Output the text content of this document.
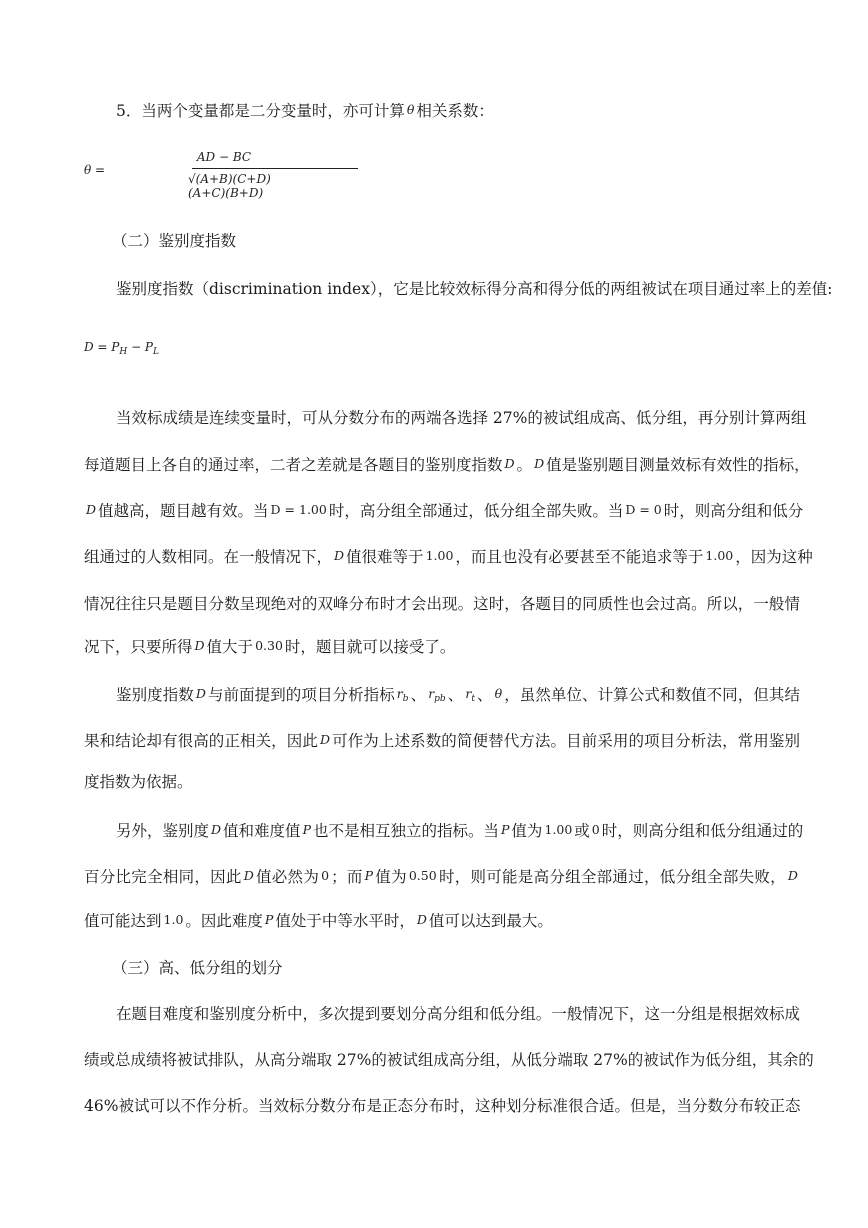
5．当两个变量都是二分变量时，亦可计算 θ 相关系数：
θ =
AD − BC
√(A+B)(C+D)(A+C)(B+D)
（二）鉴别度指数
鉴别度指数（discrimination index），它是比较效标得分高和得分低的两组被试在项目通过率上的差值:
$D = P_H - P_L$
当效标成绩是连续变量时，可从分数分布的两端各选择 27%的被试组成高、低分组，再分别计算两组
每道题目上各自的通过率，二者之差就是各题目的鉴别度指数 D 。 D 值是鉴别题目测量效标有效性的指标，
D 值越高，题目越有效。当 D = 1.00 时，高分组全部通过，低分组全部失败。当 D = 0 时，则高分组和低分
组通过的人数相同。在一般情况下， D 值很难等于 1.00 ，而且也没有必要甚至不能追求等于 1.00 ，因为这种
情况往往只是题目分数呈现绝对的双峰分布时才会出现。这时，各题目的同质性也会过高。所以，一般情
况下，只要所得 D 值大于 0.30 时，题目就可以接受了。
鉴别度指数 D 与前面提到的项目分析指标 $r_b$ 、 $r_{pb}$ 、 $r_t$ 、 θ ，虽然单位、计算公式和数值不同，但其结
果和结论却有很高的正相关，因此 D 可作为上述系数的简便替代方法。目前采用的项目分析法，常用鉴别
度指数为依据。
另外，鉴别度 D 值和难度值 P 也不是相互独立的指标。当 P 值为 1.00 或 0 时，则高分组和低分组通过的
百分比完全相同，因此 D 值必然为 0 ；而 P 值为 0.50 时，则可能是高分组全部通过，低分组全部失败， D
值可能达到 1.0 。因此难度 P 值处于中等水平时， D 值可以达到最大。
（三）高、低分组的划分
在题目难度和鉴别度分析中，多次提到要划分高分组和低分组。一般情况下，这一分组是根据效标成
绩或总成绩将被试排队，从高分端取 27%的被试组成高分组，从低分端取 27%的被试作为低分组，其余的
46%被试可以不作分析。当效标分数分布是正态分布时，这种划分标准很合适。但是，当分数分布较正态
